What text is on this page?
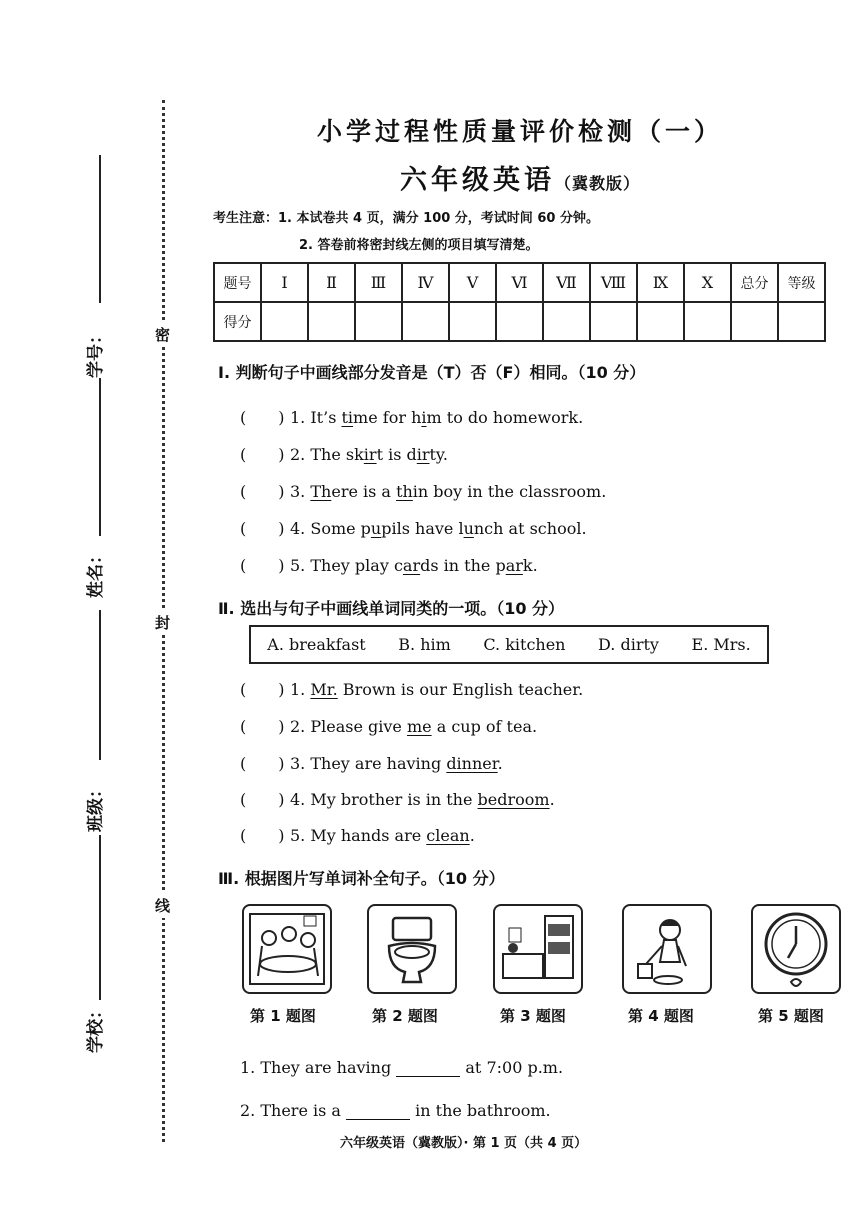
学号：
姓名：
班级：
学校：
密
封
线
小学过程性质量评价检测（一）
六年级英语（冀教版）
考生注意：1. 本试卷共 4 页，满分 100 分，考试时间 60 分钟。
2. 答卷前将密封线左侧的项目填写清楚。
题号	Ⅰ	Ⅱ	Ⅲ	Ⅳ	Ⅴ	Ⅵ	Ⅶ	Ⅷ	Ⅸ	Ⅹ	总分	等级
得分												
Ⅰ. 判断句子中画线部分发音是（T）否（F）相同。（10 分）
(　　) 1. It’s time for him to do homework.
(　　) 2. The skirt is dirty.
(　　) 3. There is a thin boy in the classroom.
(　　) 4. Some pupils have lunch at school.
(　　) 5. They play cards in the park.
Ⅱ. 选出与句子中画线单词同类的一项。（10 分）
A. breakfast B. him C. kitchen D. dirty E. Mrs.
(　　) 1. Mr. Brown is our English teacher.
(　　) 2. Please give me a cup of tea.
(　　) 3. They are having dinner.
(　　) 4. My brother is in the bedroom.
(　　) 5. My hands are clean.
Ⅲ. 根据图片写单词补全句子。（10 分）
第 1 题图	第 2 题图	第 3 题图	第 4 题图	第 5 题图
1. They are having	at 7:00 p.m.
2. There is a	in the bathroom.
六年级英语（冀教版）· 第 1 页（共 4 页）
